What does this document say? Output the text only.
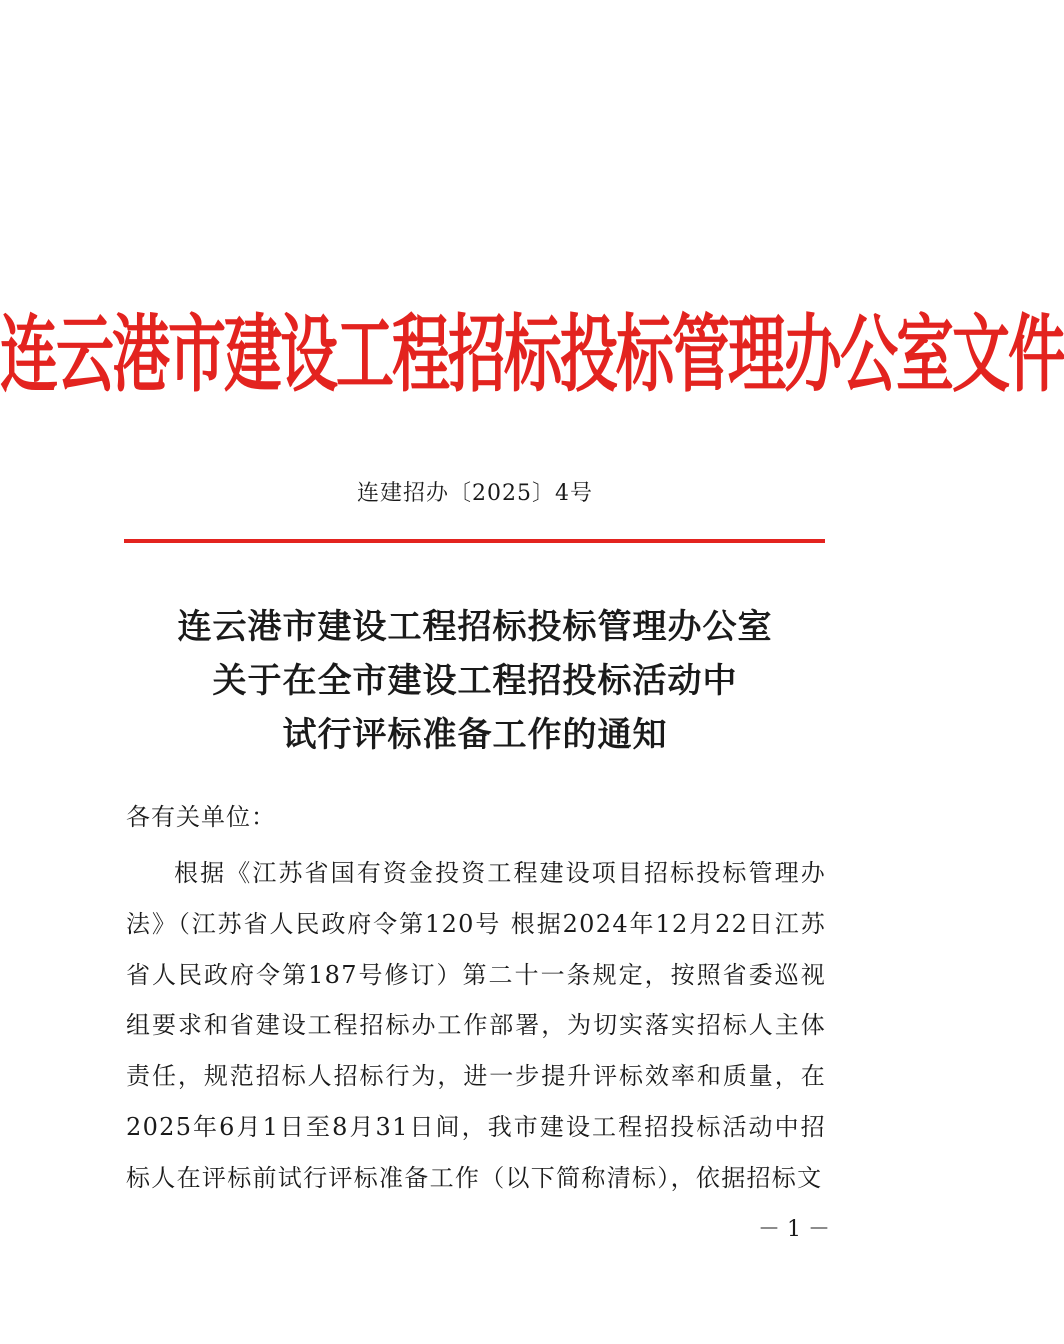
连云港市建设工程招标投标管理办公室文件
连建招办〔2025〕4号
连云港市建设工程招标投标管理办公室
关于在全市建设工程招投标活动中
试行评标准备工作的通知
各有关单位：
根据《江苏省国有资金投资工程建设项目招标投标管理办法》（江苏省人民政府令第120号 根据2024年12月22日江苏省人民政府令第187号修订）第二十一条规定，按照省委巡视组要求和省建设工程招标办工作部署，为切实落实招标人主体责任，规范招标人招标行为，进一步提升评标效率和质量，在2025年6月1日至8月31日间，我市建设工程招投标活动中招标人在评标前试行评标准备工作（以下简称清标），依据招标文
－ 1 －
